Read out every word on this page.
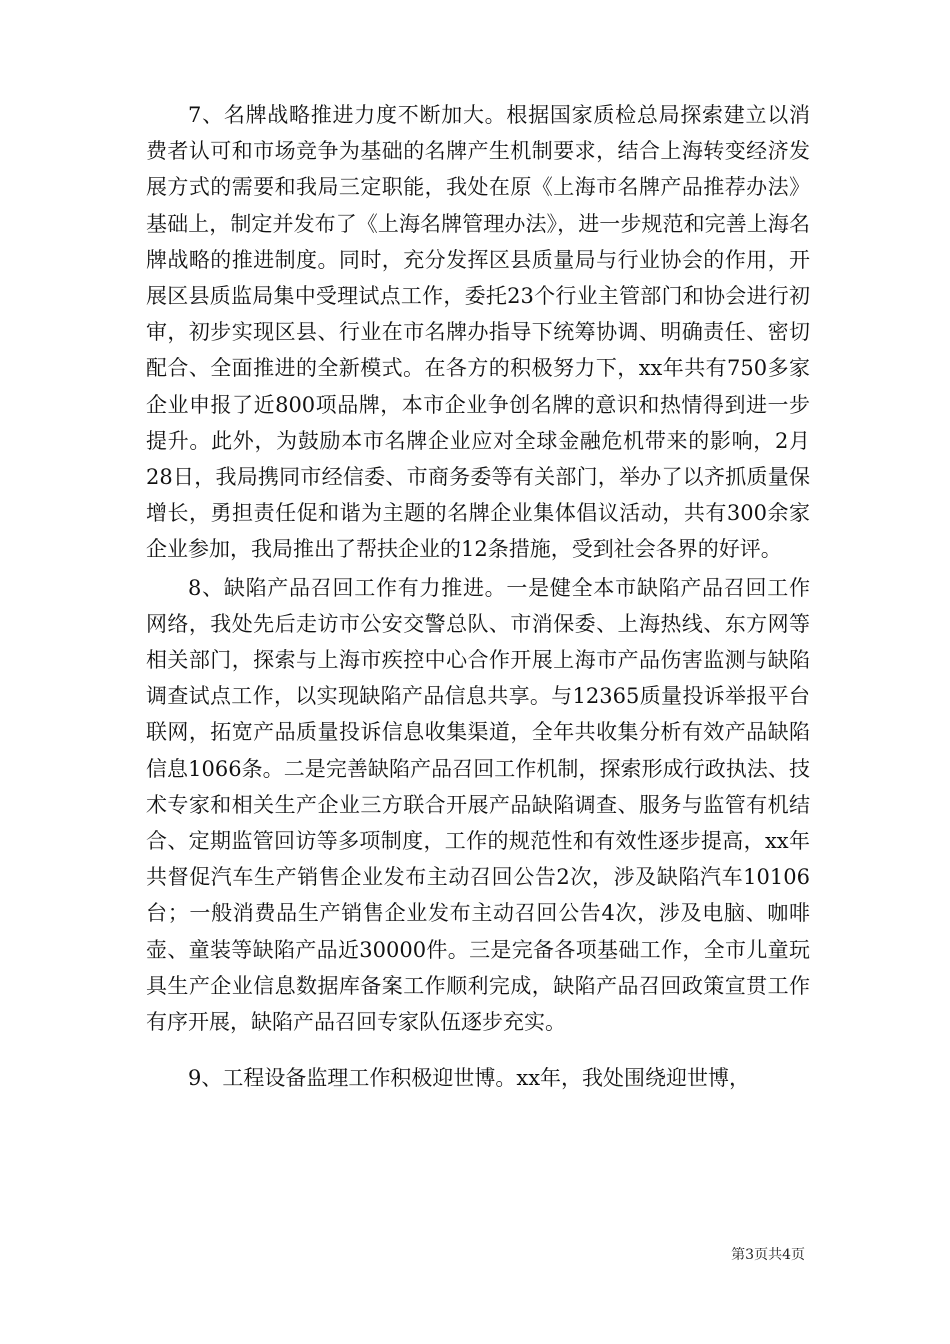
7、名牌战略推进力度不断加大。根据国家质检总局探索建立以消费者认可和市场竞争为基础的名牌产生机制要求，结合上海转变经济发展方式的需要和我局三定职能，我处在原《上海市名牌产品推荐办法》基础上，制定并发布了《上海名牌管理办法》，进一步规范和完善上海名牌战略的推进制度。同时，充分发挥区县质量局与行业协会的作用，开展区县质监局集中受理试点工作，委托23个行业主管部门和协会进行初审，初步实现区县、行业在市名牌办指导下统筹协调、明确责任、密切配合、全面推进的全新模式。在各方的积极努力下，xx年共有750多家企业申报了近800项品牌，本市企业争创名牌的意识和热情得到进一步提升。此外，为鼓励本市名牌企业应对全球金融危机带来的影响，2月28日，我局携同市经信委、市商务委等有关部门，举办了以齐抓质量保增长，勇担责任促和谐为主题的名牌企业集体倡议活动，共有300余家企业参加，我局推出了帮扶企业的12条措施，受到社会各界的好评。

8、缺陷产品召回工作有力推进。一是健全本市缺陷产品召回工作网络，我处先后走访市公安交警总队、市消保委、上海热线、东方网等相关部门，探索与上海市疾控中心合作开展上海市产品伤害监测与缺陷调查试点工作，以实现缺陷产品信息共享。与12365质量投诉举报平台联网，拓宽产品质量投诉信息收集渠道，全年共收集分析有效产品缺陷信息1066条。二是完善缺陷产品召回工作机制，探索形成行政执法、技术专家和相关生产企业三方联合开展产品缺陷调查、服务与监管有机结合、定期监管回访等多项制度，工作的规范性和有效性逐步提高，xx年共督促汽车生产销售企业发布主动召回公告2次，涉及缺陷汽车10106台；一般消费品生产销售企业发布主动召回公告4次，涉及电脑、咖啡壶、童装等缺陷产品近30000件。三是完备各项基础工作，全市儿童玩具生产企业信息数据库备案工作顺利完成，缺陷产品召回政策宣贯工作有序开展，缺陷产品召回专家队伍逐步充实。

9、工程设备监理工作积极迎世博。xx年，我处围绕迎世博，

第3页共4页
